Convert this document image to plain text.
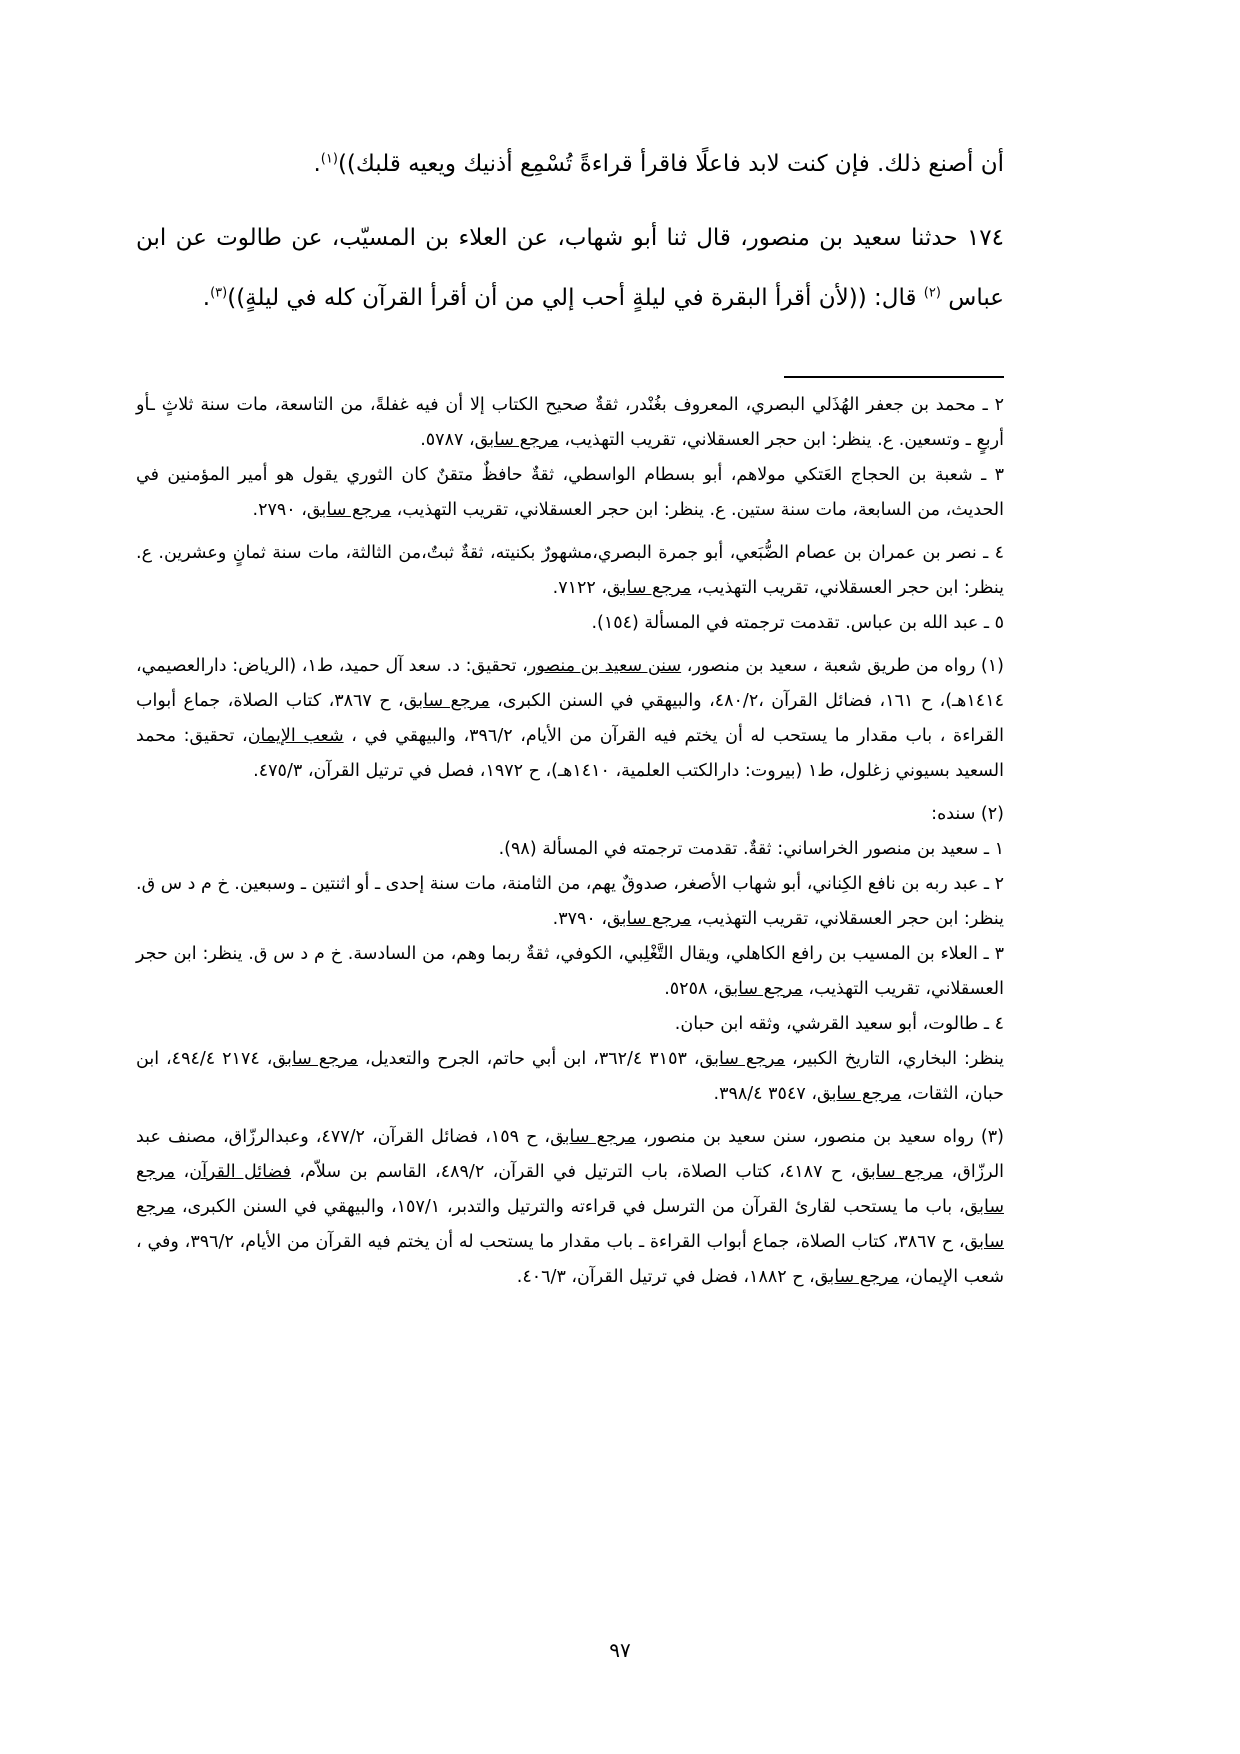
أن أصنع ذلك. فإن كنت لابد فاعلًا فاقرأ قراءةً تُسْمِع أذنيك ويعيه قلبك))$^{(١)}$.

١٧٤ حدثنا سعيد بن منصور، قال ثنا أبو شهاب، عن العلاء بن المسيّب، عن طالوت عن ابن عباس $^{(٢)}$ قال: ((لأن أقرأ البقرة في ليلةٍ أحب إلي من أن أقرأ القرآن كله في ليلةٍ))$^{(٣)}$.

٢ ـ محمد بن جعفر الهُذَلي البصري، المعروف بغُنْدر، ثقةٌ صحيح الكتاب إلا أن فيه غفلةً، من التاسعة، مات سنة ثلاثٍ ـأو أربعٍ ـ وتسعين. ع. ينظر: ابن حجر العسقلاني، تقريب التهذيب، مرجع سابق، ٥٧٨٧.

٣ ـ شعبة بن الحجاج العَتكي مولاهم، أبو بسطام الواسطي، ثقةٌ حافظٌ متقنٌ كان الثوري يقول هو أمير المؤمنين في الحديث، من السابعة، مات سنة ستين. ع. ينظر: ابن حجر العسقلاني، تقريب التهذيب، مرجع سابق، ٢٧٩٠.

٤ ـ نصر بن عمران بن عصام الضُّبَعي، أبو جمرة البصري،مشهورٌ بكنيته، ثقةٌ ثبتٌ،من الثالثة، مات سنة ثمانٍ وعشرين. ع. ينظر: ابن حجر العسقلاني، تقريب التهذيب، مرجع سابق، ٧١٢٢.

٥ ـ عبد الله بن عباس. تقدمت ترجمته في المسألة (١٥٤).

(١) رواه من طريق شعبة ، سعيد بن منصور، سنن سعيد بن منصور، تحقيق: د. سعد آل حميد، ط١، (الرياض: دارالعصيمي، ١٤١٤هـ)، ح ١٦١، فضائل القرآن ،٤٨٠/٢، والبيهقي في السنن الكبرى، مرجع سابق، ح ٣٨٦٧، كتاب الصلاة، جماع أبواب القراءة ، باب مقدار ما يستحب له أن يختم فيه القرآن من الأيام، ٣٩٦/٢، والبيهقي في ، شعب الإيمان، تحقيق: محمد السعيد بسيوني زغلول، ط١ (بيروت: دارالكتب العلمية، ١٤١٠هـ)، ح ١٩٧٢، فصل في ترتيل القرآن، ٤٧٥/٣.

(٢) سنده:

١ ـ سعيد بن منصور الخراساني: ثقةٌ. تقدمت ترجمته في المسألة (٩٨).

٢ ـ عبد ربه بن نافع الكِناني، أبو شهاب الأصغر، صدوقٌ يهم، من الثامنة، مات سنة إحدى ـ أو اثنتين ـ وسبعين. خ م د س ق. ينظر: ابن حجر العسقلاني، تقريب التهذيب، مرجع سابق، ٣٧٩٠.

٣ ـ العلاء بن المسيب بن رافع الكاهلي، ويقال التَّغْلِبي، الكوفي، ثقةٌ ربما وهم، من السادسة. خ م د س ق. ينظر: ابن حجر العسقلاني، تقريب التهذيب، مرجع سابق، ٥٢٥٨.

٤ ـ طالوت، أبو سعيد القرشي، وثقه ابن حبان.

ينظر: البخاري، التاريخ الكبير، مرجع سابق، ٣١٥٣ ٣٦٢/٤، ابن أبي حاتم، الجرح والتعديل، مرجع سابق، ٢١٧٤ ٤٩٤/٤، ابن حبان، الثقات، مرجع سابق، ٣٥٤٧ ٣٩٨/٤.

(٣) رواه سعيد بن منصور، سنن سعيد بن منصور، مرجع سابق، ح ١٥٩، فضائل القرآن، ٤٧٧/٢، وعبدالرزّاق، مصنف عبد الرزّاق، مرجع سابق، ح ٤١٨٧، كتاب الصلاة، باب الترتيل في القرآن، ٤٨٩/٢، القاسم بن سلاّم، فضائل القرآن، مرجع سابق، باب ما يستحب لقارئ القرآن من الترسل في قراءته والترتيل والتدبر، ١٥٧/١، والبيهقي في السنن الكبرى، مرجع سابق، ح ٣٨٦٧، كتاب الصلاة، جماع أبواب القراءة ـ باب مقدار ما يستحب له أن يختم فيه القرآن من الأيام، ٣٩٦/٢، وفي ، شعب الإيمان، مرجع سابق، ح ١٨٨٢، فضل في ترتيل القرآن، ٤٠٦/٣.

٩٧
